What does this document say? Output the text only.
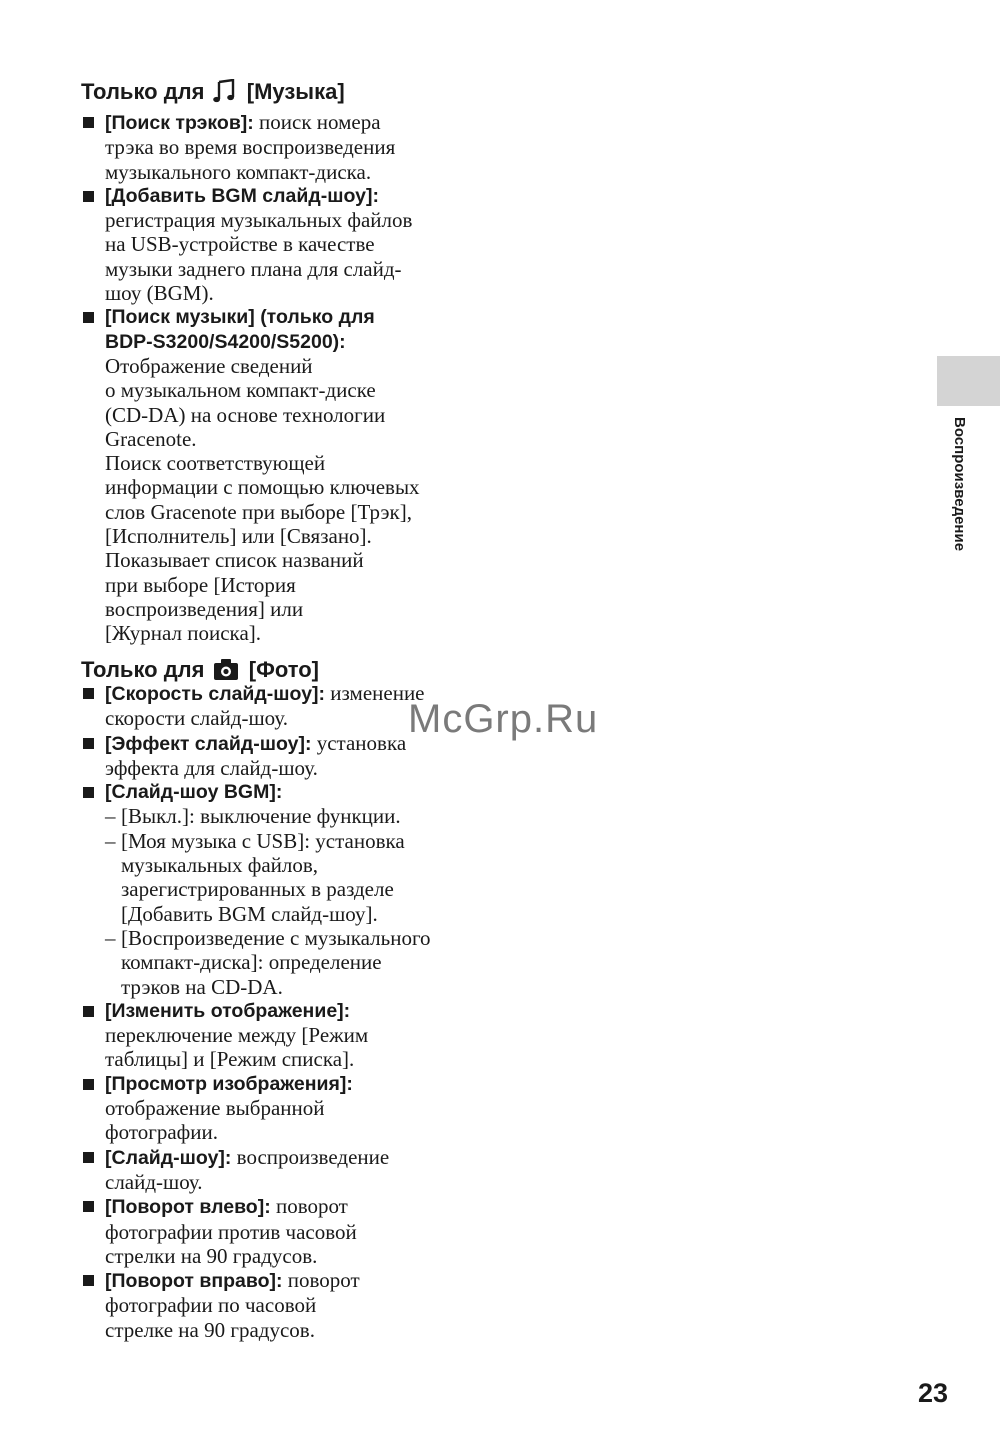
Только для [Музыка]
[Поиск трэков]: поиск номера
трэка во время воспроизведения
музыкального компакт-диска.
[Добавить BGM слайд-шоу]:
регистрация музыкальных файлов
на USB-устройстве в качестве
музыки заднего плана для слайд-
шоу (BGM).
[Поиск музыки] (только для
BDP-S3200/S4200/S5200):
Отображение сведений
о музыкальном компакт-диске
(CD-DA) на основе технологии
Gracenote.
Поиск соответствующей
информации с помощью ключевых
слов Gracenote при выборе [Трэк],
[Исполнитель] или [Связано].
Показывает список названий
при выборе [История
воспроизведения] или
[Журнал поиска].
Только для [Фото]
[Скорость слайд-шоу]: изменение
скорости слайд-шоу.
[Эффект слайд-шоу]: установка
эффекта для слайд-шоу.
[Слайд-шоу BGM]:
– [Выкл.]: выключение функции.
– [Моя музыка с USB]: установка
музыкальных файлов,
зарегистрированных в разделе
[Добавить BGM слайд-шоу].
– [Воспроизведение с музыкального
компакт-диска]: определение
трэков на CD-DA.
[Изменить отображение]:
переключение между [Режим
таблицы] и [Режим списка].
[Просмотр изображения]:
отображение выбранной
фотографии.
[Слайд-шоу]: воспроизведение
слайд-шоу.
[Поворот влево]: поворот
фотографии против часовой
стрелки на 90 градусов.
[Поворот вправо]: поворот
фотографии по часовой
стрелке на 90 градусов.
Воспроизведение
McGrp.Ru
23
